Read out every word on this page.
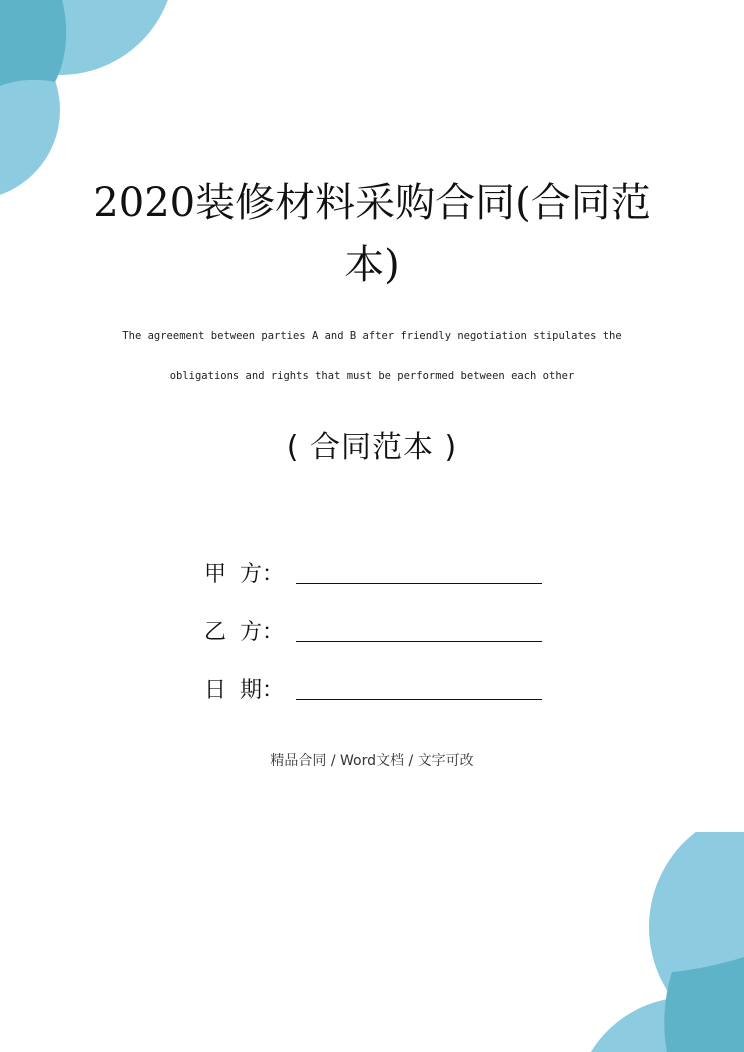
2020装修材料采购合同(合同范
本)

The agreement between parties A and B after friendly negotiation stipulates the

obligations and rights that must be performed between each other

( 合同范本 )
甲  方：
乙  方：
日  期：

精品合同 / Word文档 / 文字可改
